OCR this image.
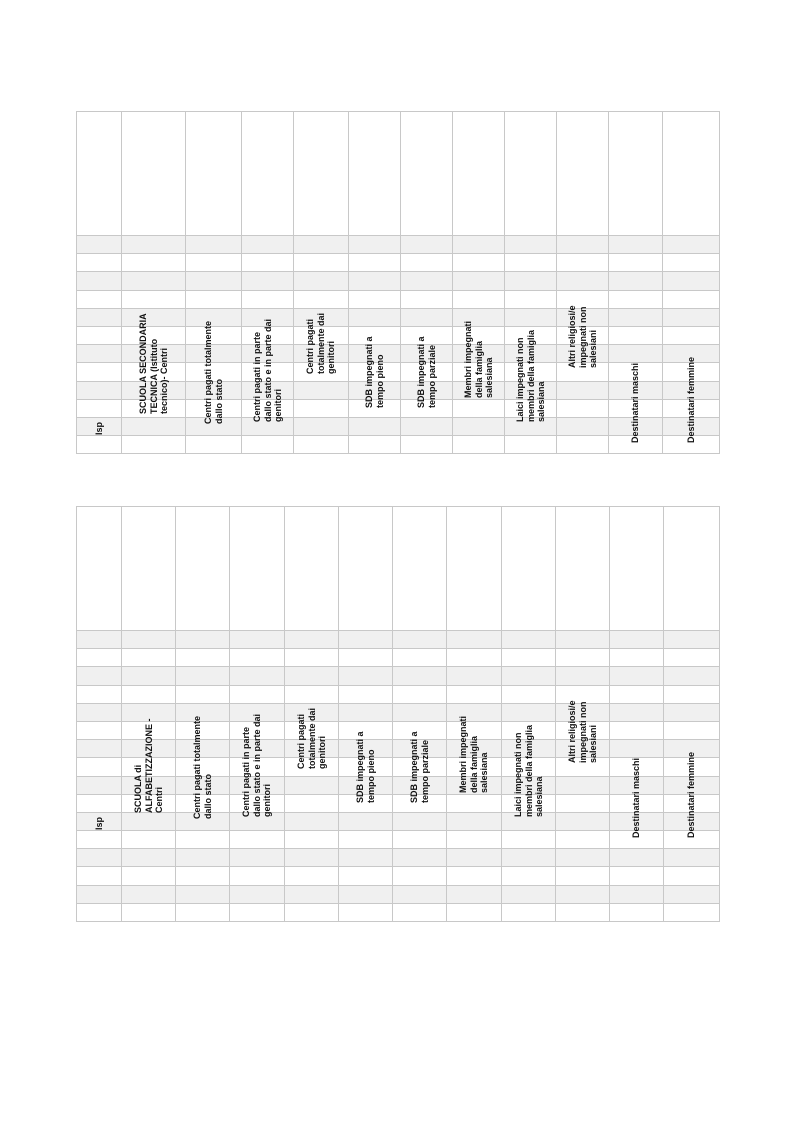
Isp	SCUOLA SECONDARIA TECNICA (Istituto tecnico)- Centri	Centri pagati totalmente dallo stato	Centri pagati in parte dallo stato e in parte dai genitori	Centri pagati totalmente dai genitori	SDB impegnati a tempo pieno	SDB impegnati a tempo parziale	Membri impegnati della famiglia salesiana	Laici impegnati non membri della famiglia salesiana	Altri religiosi/e impegnati non salesiani	Destinatari maschi	Destinatari femmine

Isp	SCUOLA di ALFABETIZZAZIONE - Centri	Centri pagati totalmente dallo stato	Centri pagati in parte dallo stato e in parte dai genitori	Centri pagati totalmente dai genitori	SDB impegnati a tempo pieno	SDB impegnati a tempo parziale	Membri impegnati della famiglia salesiana	Laici impegnati non membri della famiglia salesiana	Altri religiosi/e impegnati non salesiani	Destinatari maschi	Destinatari femmine
